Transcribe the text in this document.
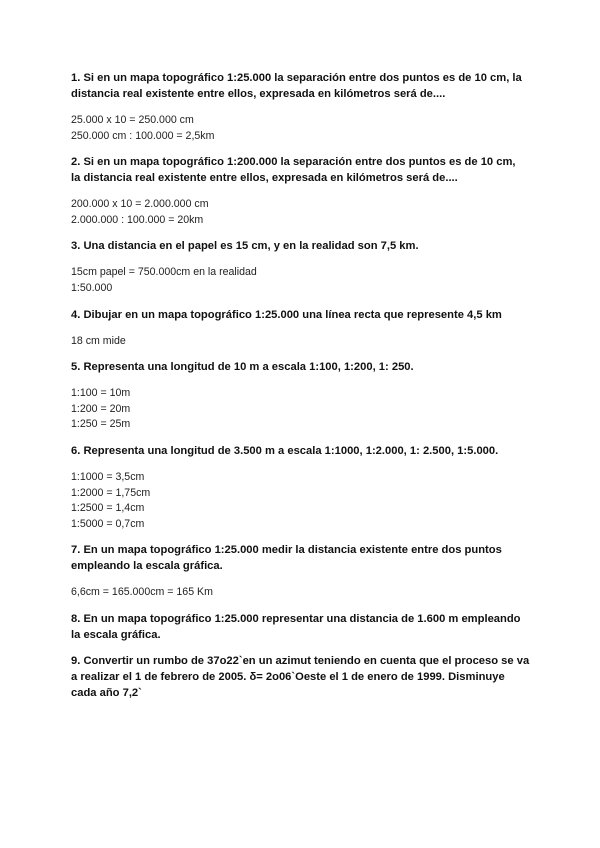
1. Si en un mapa topográfico 1:25.000 la separación entre dos puntos es de 10 cm, la

distancia real existente entre ellos, expresada en kilómetros será de....

25.000 x 10 = 250.000 cm

250.000 cm : 100.000 = 2,5km

2. Si en un mapa topográfico 1:200.000 la separación entre dos puntos es de 10 cm,

la distancia real existente entre ellos, expresada en kilómetros será de....

200.000 x 10 = 2.000.000 cm

2.000.000 : 100.000 = 20km

3. Una distancia en el papel es 15 cm, y en la realidad son 7,5 km.

15cm papel = 750.000cm en la realidad

1:50.000

4. Dibujar en un mapa topográfico 1:25.000 una línea recta que represente 4,5 km

18 cm mide

5. Representa una longitud de 10 m a escala 1:100, 1:200, 1: 250.

1:100 = 10m

1:200 = 20m

1:250 = 25m

6. Representa una longitud de 3.500 m a escala 1:1000, 1:2.000, 1: 2.500, 1:5.000.

1:1000 = 3,5cm

1:2000 = 1,75cm

1:2500 = 1,4cm

1:5000 = 0,7cm

7. En un mapa topográfico 1:25.000 medir la distancia existente entre dos puntos

empleando la escala gráfica.

6,6cm = 165.000cm = 165 Km

8. En un mapa topográfico 1:25.000 representar una distancia de 1.600 m empleando

la escala gráfica.

9. Convertir un rumbo de 37o22`en un azimut teniendo en cuenta que el proceso se va

a realizar el 1 de febrero de 2005. δ= 2o06`Oeste el 1 de enero de 1999. Disminuye

cada año 7,2`
